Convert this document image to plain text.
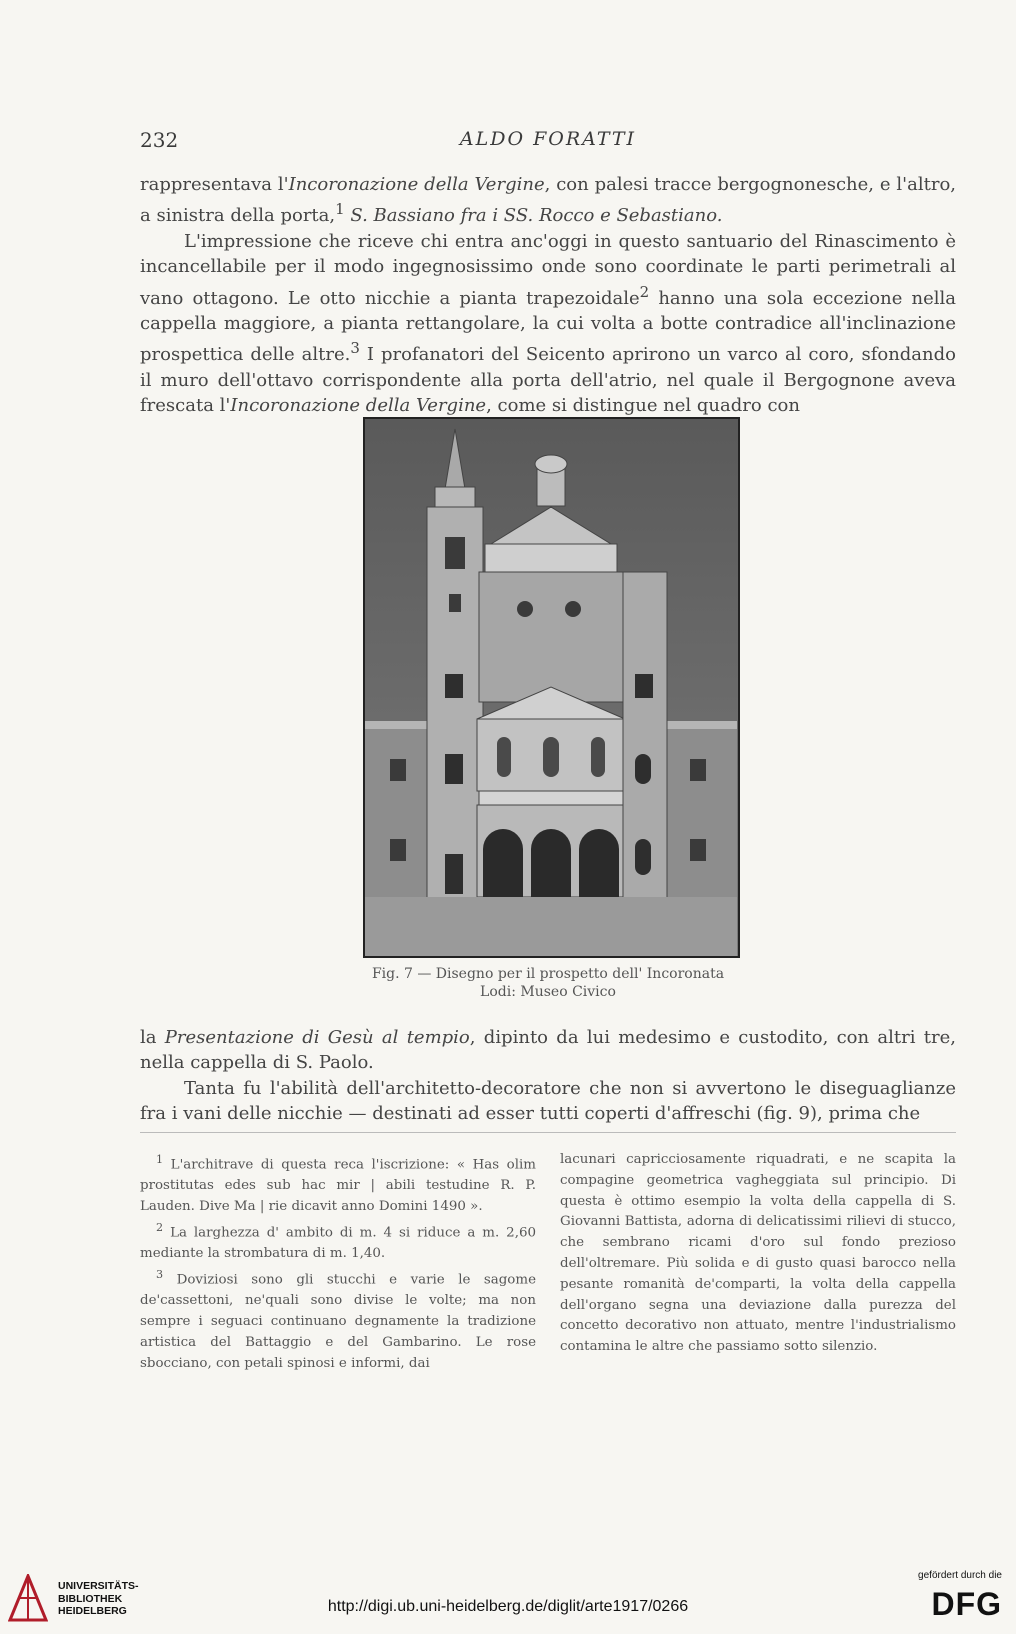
232	ALDO FORATTI

rappresentava l'Incoronazione della Vergine, con palesi tracce bergognonesche, e l'altro, a sinistra della porta,$^1$ S. Bassiano fra i SS. Rocco e Sebastiano.

L'impressione che riceve chi entra anc'oggi in questo santuario del Rinascimento è incancellabile per il modo ingegnosissimo onde sono coordinate le parti perimetrali al vano ottagono. Le otto nicchie a pianta trapezoidale$^2$ hanno una sola eccezione nella cappella maggiore, a pianta rettangolare, la cui volta a botte contradice all'inclinazione prospettica delle altre.$^3$ I profanatori del Seicento aprirono un varco al coro, sfondando il muro dell'ottavo corrispondente alla porta dell'atrio, nel quale il Bergognone aveva frescata l'Incoronazione della Vergine, come si distingue nel quadro con

Fig. 7 — Disegno per il prospetto dell' Incoronata
Lodi: Museo Civico

la Presentazione di Gesù al tempio, dipinto da lui medesimo e custodito, con altri tre, nella cappella di S. Paolo.

Tanta fu l'abilità dell'architetto-decoratore che non si avvertono le diseguaglianze fra i vani delle nicchie — destinati ad esser tutti coperti d'affreschi (fig. 9), prima che

$^1$ L'architrave di questa reca l'iscrizione: « Has olim prostitutas edes sub hac mir | abili testudine R. P. Lauden. Dive Ma | rie dicavit anno Domini 1490 ».

$^2$ La larghezza d' ambito di m. 4 si riduce a m. 2,60 mediante la strombatura di m. 1,40.

$^3$ Doviziosi sono gli stucchi e varie le sagome de'cassettoni, ne'quali sono divise le volte; ma non sempre i seguaci continuano degnamente la tradizione artistica del Battaggio e del Gambarino. Le rose sbocciano, con petali spinosi e informi, dai

lacunari capricciosamente riquadrati, e ne scapita la compagine geometrica vagheggiata sul principio. Di questa è ottimo esempio la volta della cappella di S. Giovanni Battista, adorna di delicatissimi rilievi di stucco, che sembrano ricami d'oro sul fondo prezioso dell'oltremare. Più solida e di gusto quasi barocco nella pesante romanità de'comparti, la volta della cappella dell'organo segna una deviazione dalla purezza del concetto decorativo non attuato, mentre l'industrialismo contamina le altre che passiamo sotto silenzio.

UNIVERSITÄTS-
BIBLIOTHEK
HEIDELBERG	http://digi.ub.uni-heidelberg.de/diglit/arte1917/0266
gefördert durch die
DFG
